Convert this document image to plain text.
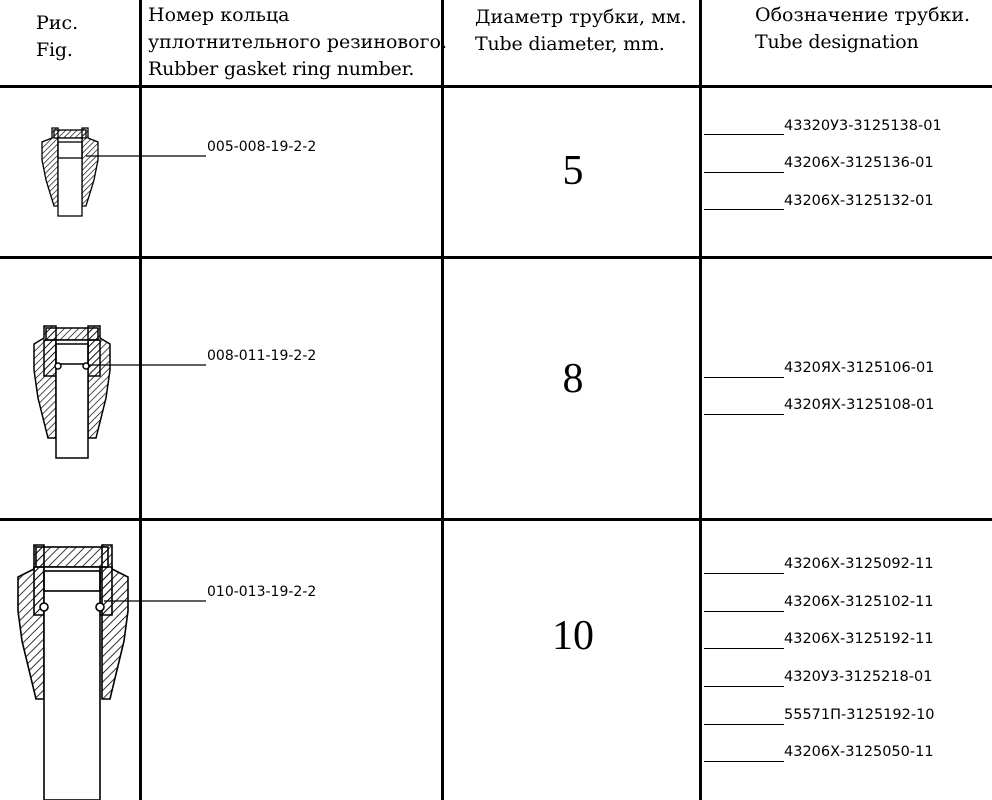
Рис.
Fig.
Номер кольца
уплотнительного резинового.
Rubber gasket ring number.
Диаметр трубки, мм.
Tube diameter, mm.
Обозначение трубки.
Tube designation
005-008-19-2-2
5
43320У3-3125138-01
43206Х-3125136-01
43206Х-3125132-01
008-011-19-2-2	8	4320ЯХ-3125106-01
4320ЯХ-3125108-01
010-013-19-2-2
10
43206Х-3125092-11
43206Х-3125102-11
43206Х-3125192-11
4320У3-3125218-01
55571П-3125192-10
43206Х-3125050-11
